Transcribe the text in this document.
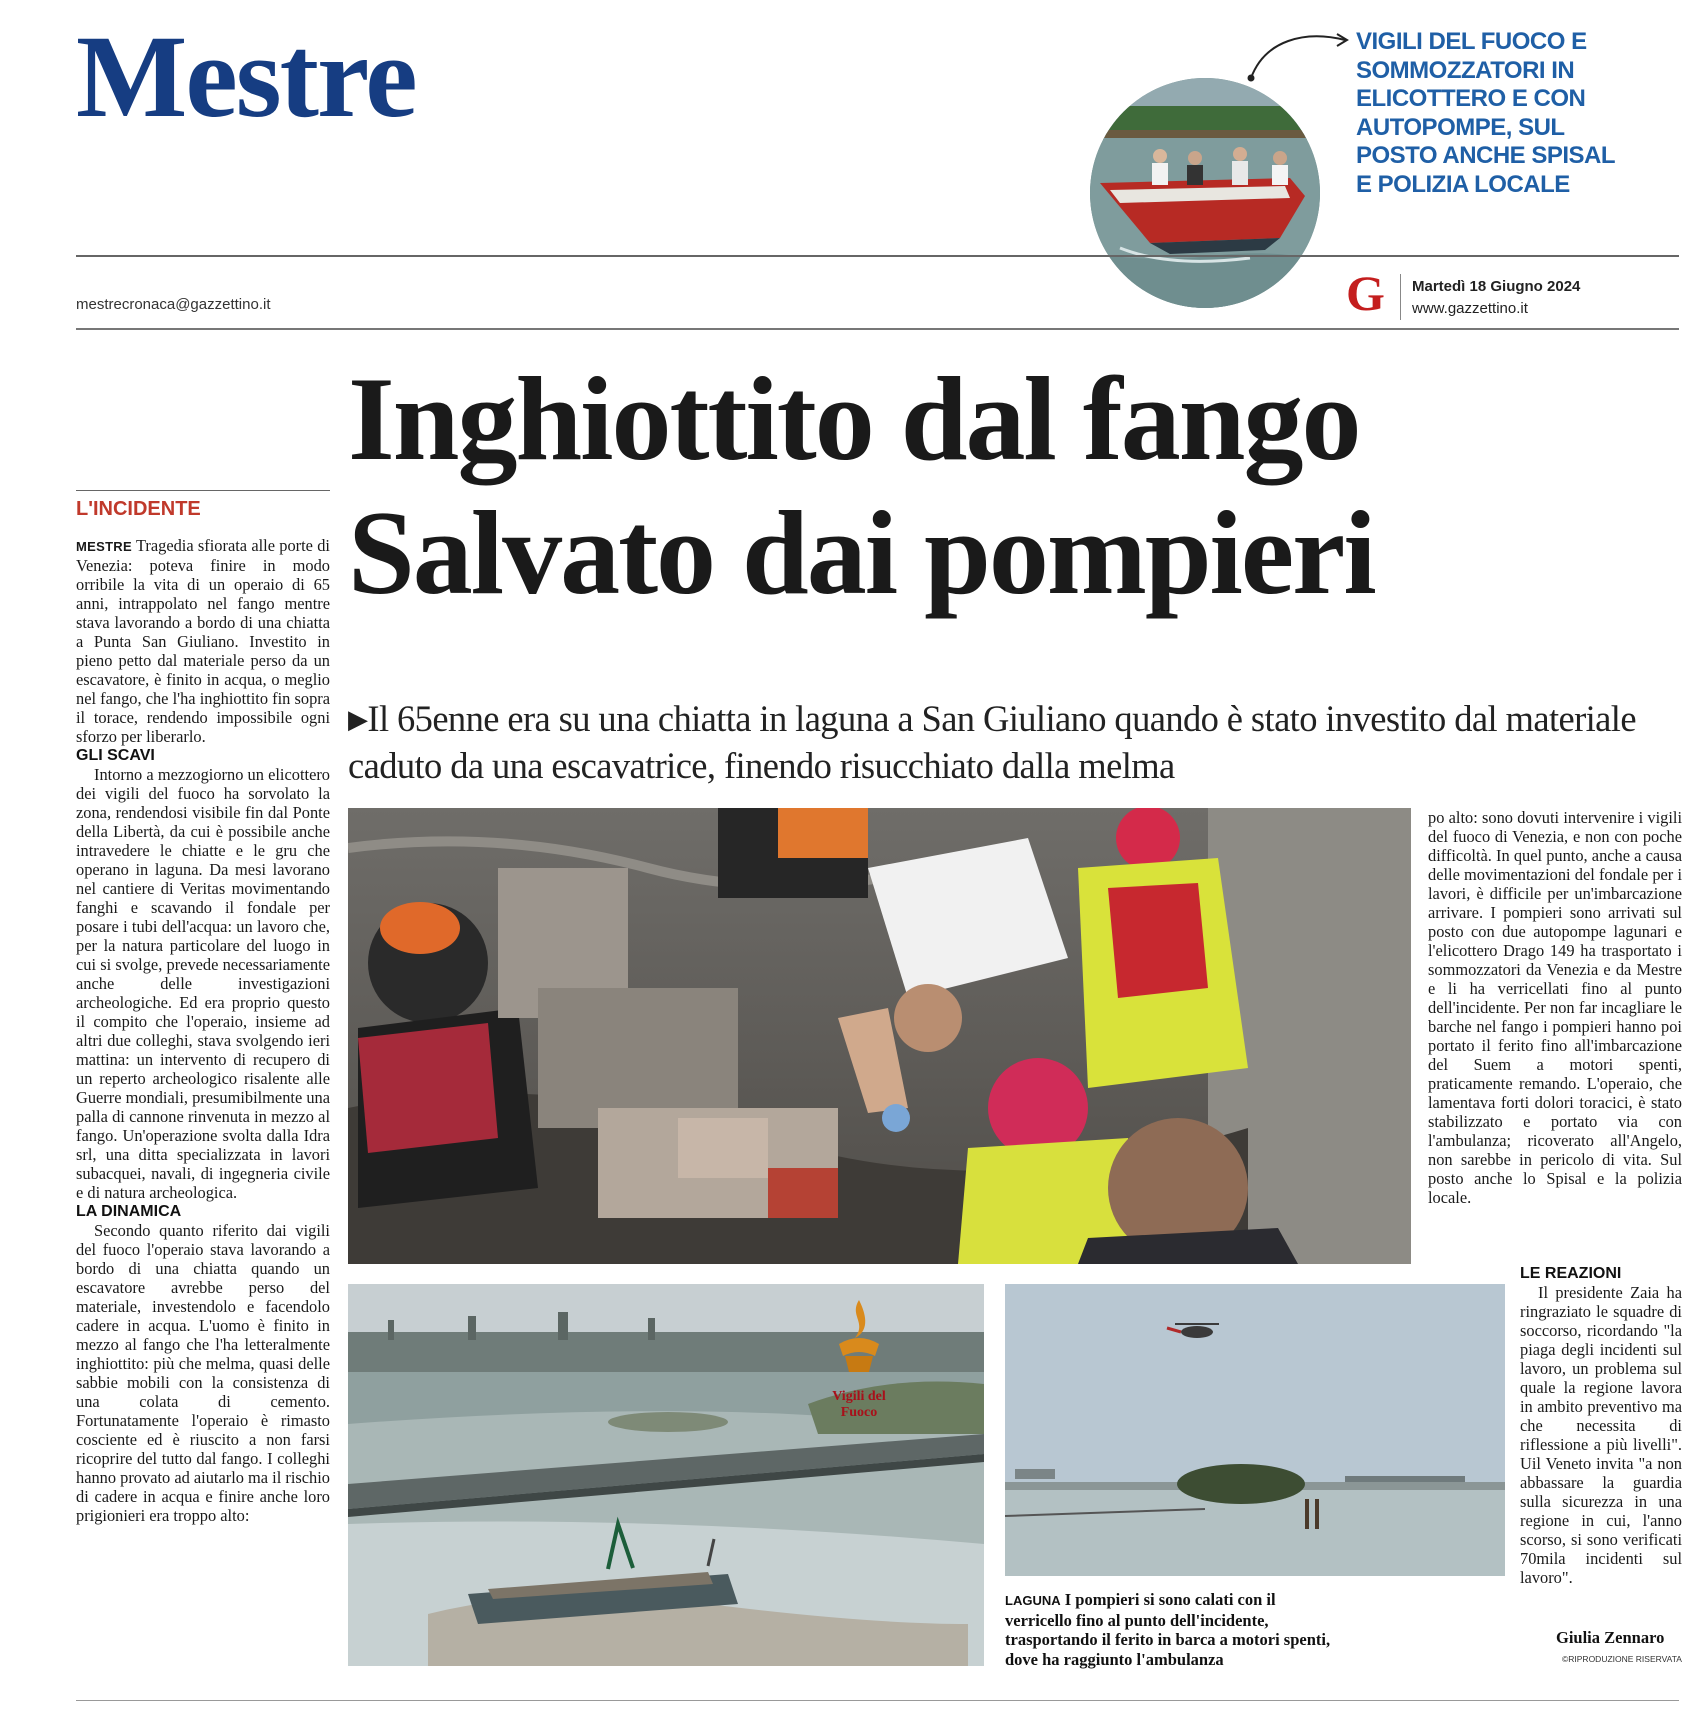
Mestre	VIGILI DEL FUOCO E SOMMOZZATORI IN ELICOTTERO E CON AUTOPOMPE, SUL POSTO ANCHE SPISAL E POLIZIA LOCALE
mestrecronaca@gazzettino.it	G Martedì 18 Giugno 2024
www.gazzettino.it
Inghiottito dal fango
Salvato dai pompieri

▶Il 65enne era su una chiatta in laguna a San Giuliano quando è stato investito dal materiale caduto da una escavatrice, finendo risucchiato dalla melma

L'INCIDENTE

MESTRE Tragedia sfiorata alle porte di Venezia: poteva finire in modo orribile la vita di un operaio di 65 anni, intrappolato nel fango mentre stava lavorando a bordo di una chiatta a Punta San Giuliano. Investito in pieno petto dal materiale perso da un escavatore, è finito in acqua, o meglio nel fango, che l'ha inghiottito fin sopra il torace, rendendo impossibile ogni sforzo per liberarlo.

GLI SCAVI

Intorno a mezzogiorno un elicottero dei vigili del fuoco ha sorvolato la zona, rendendosi visibile fin dal Ponte della Libertà, da cui è possibile anche intravedere le chiatte e le gru che operano in laguna. Da mesi lavorano nel cantiere di Veritas movimentando fanghi e scavando il fondale per posare i tubi dell'acqua: un lavoro che, per la natura particolare del luogo in cui si svolge, prevede necessariamente anche delle investigazioni archeologiche. Ed era proprio questo il compito che l'operaio, insieme ad altri due colleghi, stava svolgendo ieri mattina: un intervento di recupero di un reperto archeologico risalente alle Guerre mondiali, presumibilmente una palla di cannone rinvenuta in mezzo al fango. Un'operazione svolta dalla Idra srl, una ditta specializzata in lavori subacquei, navali, di ingegneria civile e di natura archeologica.

LA DINAMICA

Secondo quanto riferito dai vigili del fuoco l'operaio stava lavorando a bordo di una chiatta quando un escavatore avrebbe perso del materiale, investendolo e facendolo cadere in acqua. L'uomo è finito in mezzo al fango che l'ha letteralmente inghiottito: più che melma, quasi delle sabbie mobili con la consistenza di una colata di cemento. Fortunatamente l'operaio è rimasto cosciente ed è riuscito a non farsi ricoprire del tutto dal fango. I colleghi hanno provato ad aiutarlo ma il rischio di cadere in acqua e finire anche loro prigionieri era troppo alto:

po alto: sono dovuti intervenire i vigili del fuoco di Venezia, e non con poche difficoltà. In quel punto, anche a causa delle movimentazioni del fondale per i lavori, è difficile per un'imbarcazione arrivare. I pompieri sono arrivati sul posto con due autopompe lagunari e l'elicottero Drago 149 ha trasportato i sommozzatori da Venezia e da Mestre e li ha verricellati fino al punto dell'incidente. Per non far incagliare le barche nel fango i pompieri hanno poi portato il ferito fino all'imbarcazione del Suem a motori spenti, praticamente remando. L'operaio, che lamentava forti dolori toracici, è stato stabilizzato e portato via con l'ambulanza; ricoverato all'Angelo, non sarebbe in pericolo di vita. Sul posto anche lo Spisal e la polizia locale.

LE REAZIONI

Il presidente Zaia ha ringraziato le squadre di soccorso, ricordando "la piaga degli incidenti sul lavoro, un problema sul quale la regione lavora in ambito preventivo ma che necessita di riflessione a più livelli". Uil Veneto invita "a non abbassare la guardia sulla sicurezza in una regione in cui, l'anno scorso, si sono verificati 70mila incidenti sul lavoro".

Vigili del Fuoco
LAGUNA I pompieri si sono calati con il verricello fino al punto dell'incidente, trasportando il ferito in barca a motori spenti, dove ha raggiunto l'ambulanza
Giulia Zennaro
©RIPRODUZIONE RISERVATA
